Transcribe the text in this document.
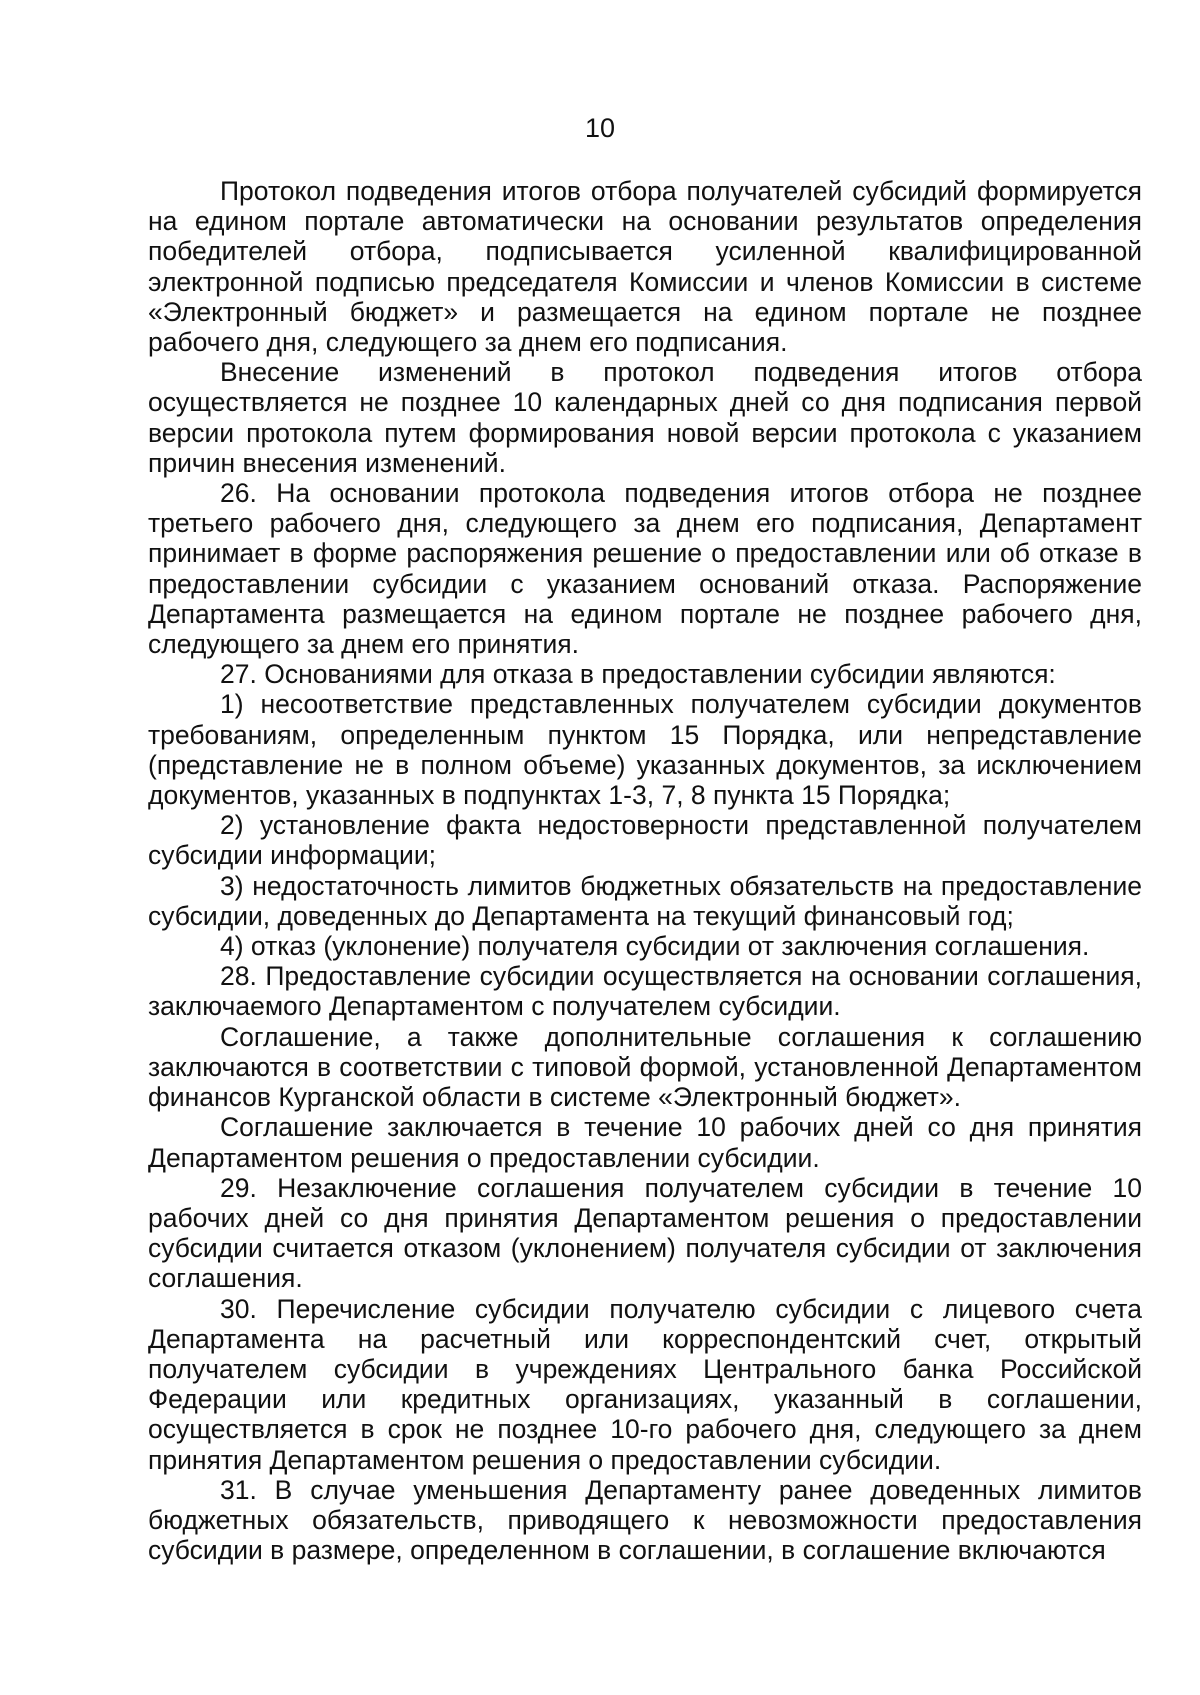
10

Протокол подведения итогов отбора получателей субсидий формируется на едином портале автоматически на основании результатов определения победителей отбора, подписывается усиленной квалифицированной электронной подписью председателя Комиссии и членов Комиссии в системе «Электронный бюджет» и размещается на едином портале не позднее рабочего дня, следующего за днем его подписания.

Внесение изменений в протокол подведения итогов отбора осуществляется не позднее 10 календарных дней со дня подписания первой версии протокола путем формирования новой версии протокола с указанием причин внесения изменений.

26. На основании протокола подведения итогов отбора не позднее третьего рабочего дня, следующего за днем его подписания, Департамент принимает в форме распоряжения решение о предоставлении или об отказе в предоставлении субсидии с указанием оснований отказа. Распоряжение Департамента размещается на едином портале не позднее рабочего дня, следующего за днем его принятия.

27. Основаниями для отказа в предоставлении субсидии являются:

1) несоответствие представленных получателем субсидии документов требованиям, определенным пунктом 15 Порядка, или непредставление (представление не в полном объеме) указанных документов, за исключением документов, указанных в подпунктах 1-3, 7, 8 пункта 15 Порядка;

2) установление факта недостоверности представленной получателем субсидии информации;

3) недостаточность лимитов бюджетных обязательств на предоставление субсидии, доведенных до Департамента на текущий финансовый год;

4) отказ (уклонение) получателя субсидии от заключения соглашения.

28. Предоставление субсидии осуществляется на основании соглашения, заключаемого Департаментом с получателем субсидии.

Соглашение, а также дополнительные соглашения к соглашению заключаются в соответствии с типовой формой, установленной Департаментом финансов Курганской области в системе «Электронный бюджет».

Соглашение заключается в течение 10 рабочих дней со дня принятия Департаментом решения о предоставлении субсидии.

29. Незаключение соглашения получателем субсидии в течение 10 рабочих дней со дня принятия Департаментом решения о предоставлении субсидии считается отказом (уклонением) получателя субсидии от заключения соглашения.

30. Перечисление субсидии получателю субсидии с лицевого счета Департамента на расчетный или корреспондентский счет, открытый получателем субсидии в учреждениях Центрального банка Российской Федерации или кредитных организациях, указанный в соглашении, осуществляется в срок не позднее 10-го рабочего дня, следующего за днем принятия Департаментом решения о предоставлении субсидии.

31. В случае уменьшения Департаменту ранее доведенных лимитов бюджетных обязательств, приводящего к невозможности предоставления субсидии в размере, определенном в соглашении, в соглашение включаются
